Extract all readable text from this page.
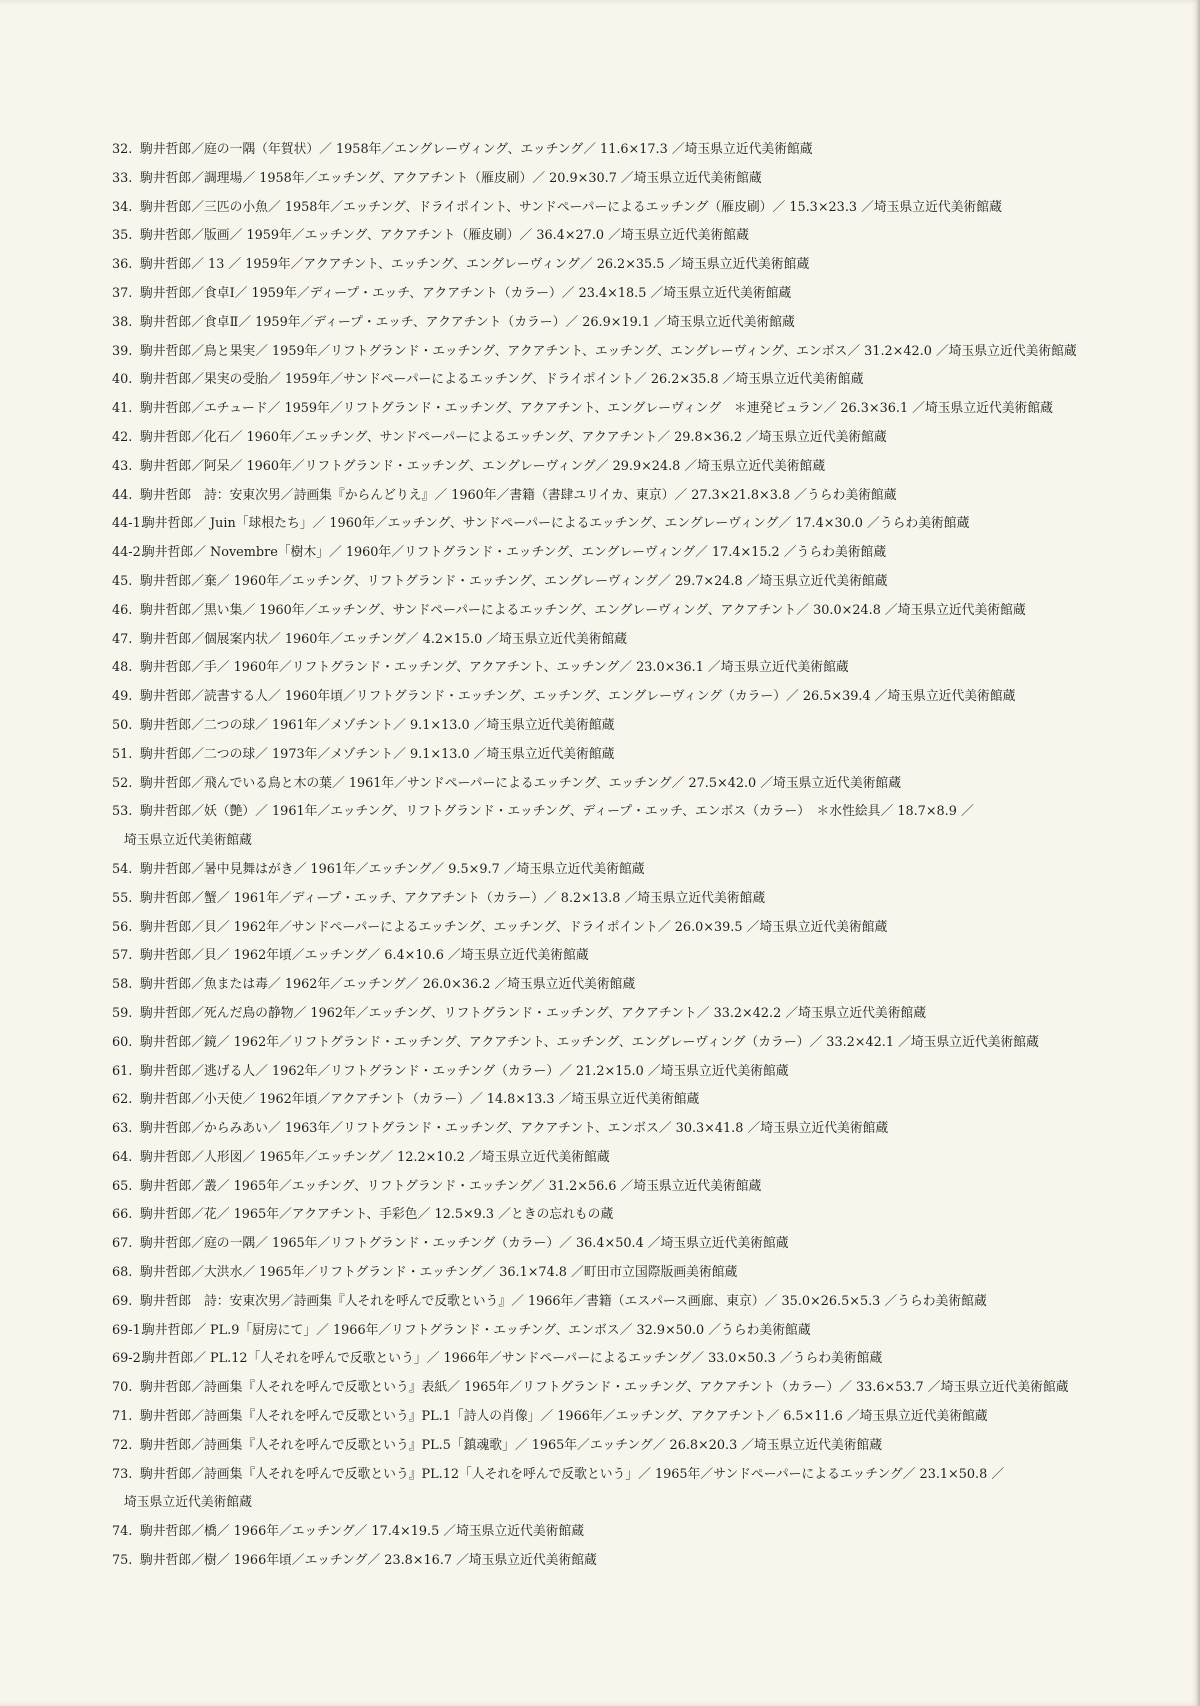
32. 駒井哲郎／庭の一隅（年賀状）／ 1958年／エングレーヴィング、エッチング／ 11.6×17.3 ／埼玉県立近代美術館蔵
33. 駒井哲郎／調理場／ 1958年／エッチング、アクアチント（雁皮刷）／ 20.9×30.7 ／埼玉県立近代美術館蔵
34. 駒井哲郎／三匹の小魚／ 1958年／エッチング、ドライポイント、サンドペーパーによるエッチング（雁皮刷）／ 15.3×23.3 ／埼玉県立近代美術館蔵
35. 駒井哲郎／版画／ 1959年／エッチング、アクアチント（雁皮刷）／ 36.4×27.0 ／埼玉県立近代美術館蔵
36. 駒井哲郎／ 13 ／ 1959年／アクアチント、エッチング、エングレーヴィング／ 26.2×35.5 ／埼玉県立近代美術館蔵
37. 駒井哲郎／食卓Ⅰ／ 1959年／ディープ・エッチ、アクアチント（カラー）／ 23.4×18.5 ／埼玉県立近代美術館蔵
38. 駒井哲郎／食卓Ⅱ／ 1959年／ディープ・エッチ、アクアチント（カラー）／ 26.9×19.1 ／埼玉県立近代美術館蔵
39. 駒井哲郎／鳥と果実／ 1959年／リフトグランド・エッチング、アクアチント、エッチング、エングレーヴィング、エンボス／ 31.2×42.0 ／埼玉県立近代美術館蔵
40. 駒井哲郎／果実の受胎／ 1959年／サンドペーパーによるエッチング、ドライポイント／ 26.2×35.8 ／埼玉県立近代美術館蔵
41. 駒井哲郎／エチュード／ 1959年／リフトグランド・エッチング、アクアチント、エングレーヴィング　＊連発ビュラン／ 26.3×36.1 ／埼玉県立近代美術館蔵
42. 駒井哲郎／化石／ 1960年／エッチング、サンドペーパーによるエッチング、アクアチント／ 29.8×36.2 ／埼玉県立近代美術館蔵
43. 駒井哲郎／阿呆／ 1960年／リフトグランド・エッチング、エングレーヴィング／ 29.9×24.8 ／埼玉県立近代美術館蔵
44. 駒井哲郎　詩：安東次男／詩画集『からんどりえ』／ 1960年／書籍（書肆ユリイカ、東京）／ 27.3×21.8×3.8 ／うらわ美術館蔵
44-1.
駒井哲郎／ Juin「球根たち」／ 1960年／エッチング、サンドペーパーによるエッチング、エングレーヴィング／ 17.4×30.0 ／うらわ美術館蔵
44-2.
駒井哲郎／ Novembre「樹木」／ 1960年／リフトグランド・エッチング、エングレーヴィング／ 17.4×15.2 ／うらわ美術館蔵
45. 駒井哲郎／棄／ 1960年／エッチング、リフトグランド・エッチング、エングレーヴィング／ 29.7×24.8 ／埼玉県立近代美術館蔵
46. 駒井哲郎／黒い集／ 1960年／エッチング、サンドペーパーによるエッチング、エングレーヴィング、アクアチント／ 30.0×24.8 ／埼玉県立近代美術館蔵
47. 駒井哲郎／個展案内状／ 1960年／エッチング／ 4.2×15.0 ／埼玉県立近代美術館蔵
48. 駒井哲郎／手／ 1960年／リフトグランド・エッチング、アクアチント、エッチング／ 23.0×36.1 ／埼玉県立近代美術館蔵
49. 駒井哲郎／読書する人／ 1960年頃／リフトグランド・エッチング、エッチング、エングレーヴィング（カラー）／ 26.5×39.4 ／埼玉県立近代美術館蔵
50. 駒井哲郎／二つの球／ 1961年／メゾチント／ 9.1×13.0 ／埼玉県立近代美術館蔵
51. 駒井哲郎／二つの球／ 1973年／メゾチント／ 9.1×13.0 ／埼玉県立近代美術館蔵
52. 駒井哲郎／飛んでいる鳥と木の葉／ 1961年／サンドペーパーによるエッチング、エッチング／ 27.5×42.0 ／埼玉県立近代美術館蔵
53. 駒井哲郎／妖（艶）／ 1961年／エッチング、リフトグランド・エッチング、ディープ・エッチ、エンボス（カラー）　＊水性絵具／ 18.7×8.9 ／
埼玉県立近代美術館蔵
54. 駒井哲郎／暑中見舞はがき／ 1961年／エッチング／ 9.5×9.7 ／埼玉県立近代美術館蔵
55. 駒井哲郎／蟹／ 1961年／ディープ・エッチ、アクアチント（カラー）／ 8.2×13.8 ／埼玉県立近代美術館蔵
56. 駒井哲郎／貝／ 1962年／サンドペーパーによるエッチング、エッチング、ドライポイント／ 26.0×39.5 ／埼玉県立近代美術館蔵
57. 駒井哲郎／貝／ 1962年頃／エッチング／ 6.4×10.6 ／埼玉県立近代美術館蔵
58. 駒井哲郎／魚または毒／ 1962年／エッチング／ 26.0×36.2 ／埼玉県立近代美術館蔵
59. 駒井哲郎／死んだ鳥の静物／ 1962年／エッチング、リフトグランド・エッチング、アクアチント／ 33.2×42.2 ／埼玉県立近代美術館蔵
60. 駒井哲郎／鏡／ 1962年／リフトグランド・エッチング、アクアチント、エッチング、エングレーヴィング（カラー）／ 33.2×42.1 ／埼玉県立近代美術館蔵
61. 駒井哲郎／逃げる人／ 1962年／リフトグランド・エッチング（カラー）／ 21.2×15.0 ／埼玉県立近代美術館蔵
62. 駒井哲郎／小天使／ 1962年頃／アクアチント（カラー）／ 14.8×13.3 ／埼玉県立近代美術館蔵
63. 駒井哲郎／からみあい／ 1963年／リフトグランド・エッチング、アクアチント、エンボス／ 30.3×41.8 ／埼玉県立近代美術館蔵
64. 駒井哲郎／人形図／ 1965年／エッチング／ 12.2×10.2 ／埼玉県立近代美術館蔵
65. 駒井哲郎／叢／ 1965年／エッチング、リフトグランド・エッチング／ 31.2×56.6 ／埼玉県立近代美術館蔵
66. 駒井哲郎／花／ 1965年／アクアチント、手彩色／ 12.5×9.3 ／ときの忘れもの蔵
67. 駒井哲郎／庭の一隅／ 1965年／リフトグランド・エッチング（カラー）／ 36.4×50.4 ／埼玉県立近代美術館蔵
68. 駒井哲郎／大洪水／ 1965年／リフトグランド・エッチング／ 36.1×74.8 ／町田市立国際版画美術館蔵
69. 駒井哲郎　詩：安東次男／詩画集『人それを呼んで反歌という』／ 1966年／書籍（エスパース画廊、東京）／ 35.0×26.5×5.3 ／うらわ美術館蔵
69-1.
駒井哲郎／ PL.9「厨房にて」／ 1966年／リフトグランド・エッチング、エンボス／ 32.9×50.0 ／うらわ美術館蔵
69-2.
駒井哲郎／ PL.12「人それを呼んで反歌という」／ 1966年／サンドペーパーによるエッチング／ 33.0×50.3 ／うらわ美術館蔵
70. 駒井哲郎／詩画集『人それを呼んで反歌という』表紙／ 1965年／リフトグランド・エッチング、アクアチント（カラー）／ 33.6×53.7 ／埼玉県立近代美術館蔵
71. 駒井哲郎／詩画集『人それを呼んで反歌という』PL.1「詩人の肖像」／ 1966年／エッチング、アクアチント／ 6.5×11.6 ／埼玉県立近代美術館蔵
72. 駒井哲郎／詩画集『人それを呼んで反歌という』PL.5「鎮魂歌」／ 1965年／エッチング／ 26.8×20.3 ／埼玉県立近代美術館蔵
73. 駒井哲郎／詩画集『人それを呼んで反歌という』PL.12「人それを呼んで反歌という」／ 1965年／サンドペーパーによるエッチング／ 23.1×50.8 ／
埼玉県立近代美術館蔵
74. 駒井哲郎／橋／ 1966年／エッチング／ 17.4×19.5 ／埼玉県立近代美術館蔵
75. 駒井哲郎／樹／ 1966年頃／エッチング／ 23.8×16.7 ／埼玉県立近代美術館蔵
